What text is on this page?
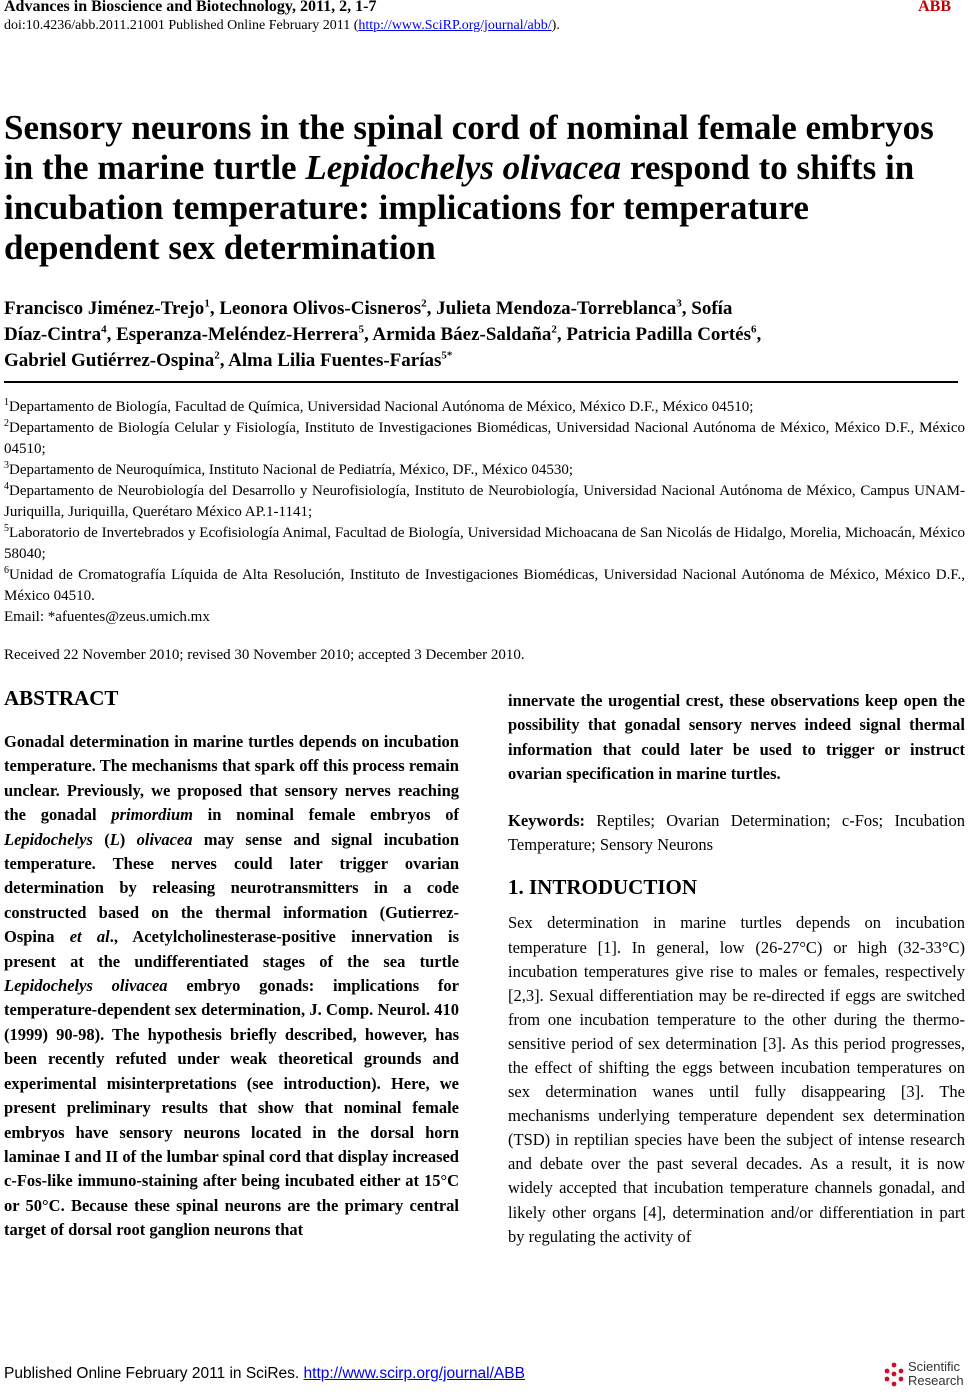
Advances in Bioscience and Biotechnology, 2011, 2, 1-7	ABB
doi:10.4236/abb.2011.21001 Published Online February 2011 (http://www.SciRP.org/journal/abb/).
Sensory neurons in the spinal cord of nominal female embryos
in the marine turtle Lepidochelys olivacea respond to shifts in
incubation temperature: implications for temperature
dependent sex determination
Francisco Jiménez-Trejo$^1$, Leonora Olivos-Cisneros$^2$, Julieta Mendoza-Torreblanca$^3$, Sofía
Díaz-Cintra$^4$, Esperanza-Meléndez-Herrera$^5$, Armida Báez-Saldaña$^2$, Patricia Padilla Cortés$^6$,
Gabriel Gutiérrez-Ospina$^2$, Alma Lilia Fuentes-Farías$^{5*}$
$^1$Departamento de Biología, Facultad de Química, Universidad Nacional Autónoma de México, México D.F., México 04510;
$^2$Departamento de Biología Celular y Fisiología, Instituto de Investigaciones Biomédicas, Universidad Nacional Autónoma de México, México D.F., México 04510;
$^3$Departamento de Neuroquímica, Instituto Nacional de Pediatría, México, DF., México 04530;
$^4$Departamento de Neurobiología del Desarrollo y Neurofisiología, Instituto de Neurobiología, Universidad Nacional Autónoma de México, Campus UNAM-Juriquilla, Juriquilla, Querétaro México AP.1-1141;
$^5$Laboratorio de Invertebrados y Ecofisiología Animal, Facultad de Biología, Universidad Michoacana de San Nicolás de Hidalgo, Morelia, Michoacán, México 58040;
$^6$Unidad de Cromatografía Líquida de Alta Resolución, Instituto de Investigaciones Biomédicas, Universidad Nacional Autónoma de México, México D.F., México 04510.
Email: *afuentes@zeus.umich.mx
Received 22 November 2010; revised 30 November 2010; accepted 3 December 2010.
ABSTRACT
Gonadal determination in marine turtles depends on incubation temperature. The mechanisms that spark off this process remain unclear. Previously, we proposed that sensory nerves reaching the gonadal primordium in nominal female embryos of Lepidochelys (L) olivacea may sense and signal incubation temperature. These nerves could later trigger ovarian determination by releasing neurotransmitters in a code constructed based on the thermal information (Gutierrez-Ospina et al., Acetylcholinesterase-positive innervation is present at the undifferentiated stages of the sea turtle Lepidochelys olivacea embryo gonads: implications for temperature-dependent sex determination, J. Comp. Neurol. 410 (1999) 90-98). The hypothesis briefly described, however, has been recently refuted under weak theoretical grounds and experimental misinterpretations (see introduction). Here, we present preliminary results that show that nominal female embryos have sensory neurons located in the dorsal horn laminae I and II of the lumbar spinal cord that display increased c-Fos-like immuno-staining after being incubated either at 15°C or 50°C. Because these spinal neurons are the primary central target of dorsal root ganglion neurons that
innervate the urogential crest, these observations keep open the possibility that gonadal sensory nerves indeed signal thermal information that could later be used to trigger or instruct ovarian specification in marine turtles.
Keywords: Reptiles; Ovarian Determination; c-Fos; Incubation Temperature; Sensory Neurons
1. INTRODUCTION
Sex determination in marine turtles depends on incubation temperature [1]. In general, low (26-27°C) or high (32-33°C) incubation temperatures give rise to males or females, respectively [2,3]. Sexual differentiation may be re-directed if eggs are switched from one incubation temperature to the other during the thermo-sensitive period of sex determination [3]. As this period progresses, the effect of shifting the eggs between incubation temperatures on sex determination wanes until fully disappearing [3]. The mechanisms underlying temperature dependent sex determination (TSD) in reptilian species have been the subject of intense research and debate over the past several decades. As a result, it is now widely accepted that incubation temperature channels gonadal, and likely other organs [4], determination and/or differentiation in part by regulating the activity of
Published Online February 2011 in SciRes. http://www.scirp.org/journal/ABB	Scientific
Research
